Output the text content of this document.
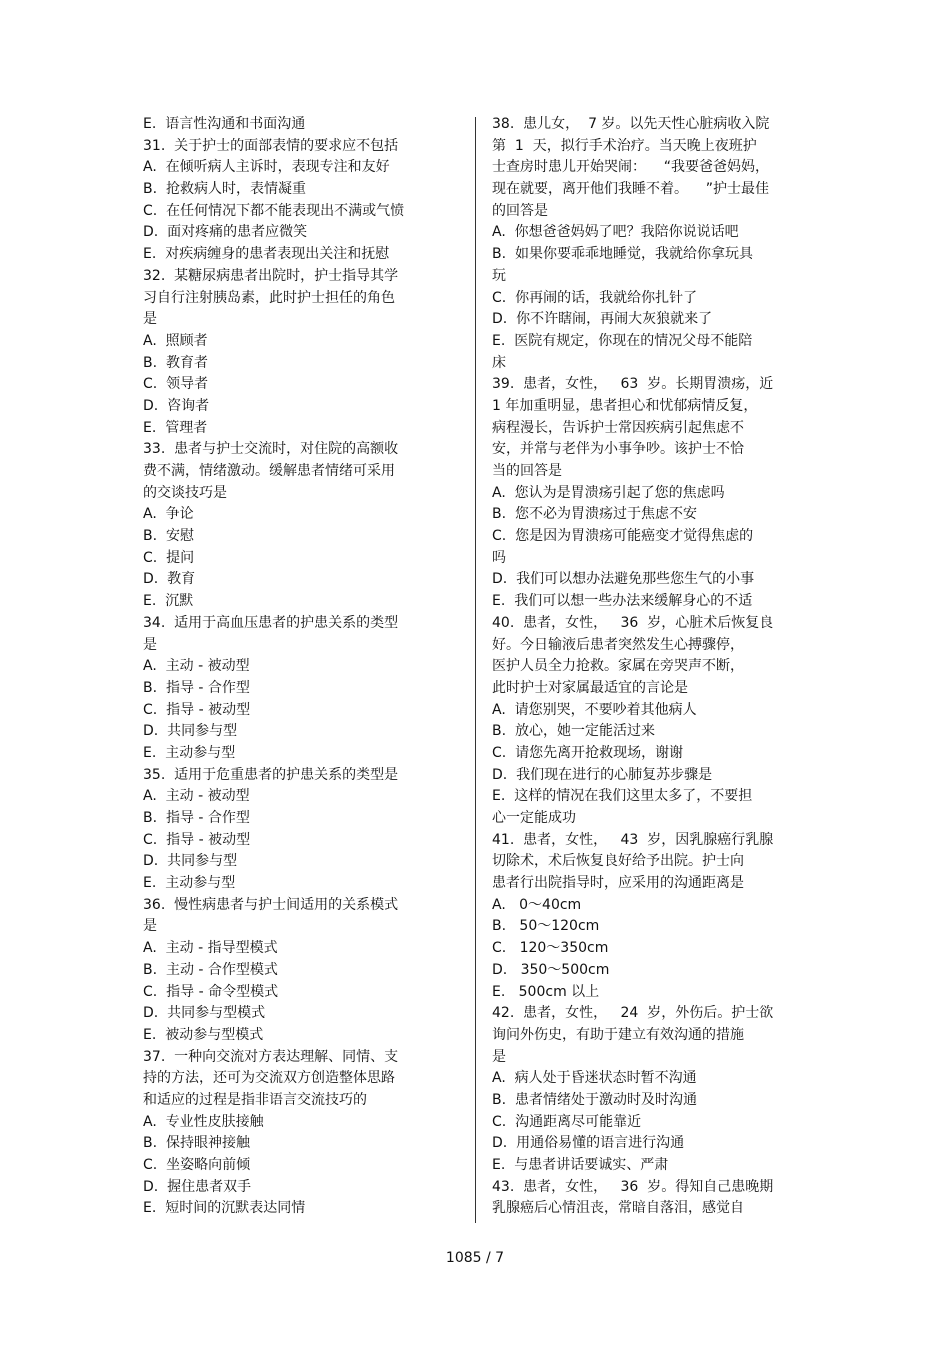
E.  语言性沟通和书面沟通
31.  关于护士的面部表情的要求应不包括
A.  在倾听病人主诉时，表现专注和友好
B.  抢救病人时，表情凝重
C.  在任何情况下都不能表现出不满或气愤
D.  面对疼痛的患者应微笑
E.  对疾病缠身的患者表现出关注和抚慰
32.  某糖尿病患者出院时，护士指导其学
习自行注射胰岛素，此时护士担任的角色
是
A.  照顾者
B.  教育者
C.  领导者
D.  咨询者
E.  管理者
33.  患者与护士交流时，对住院的高额收
费不满，情绪激动。缓解患者情绪可采用
的交谈技巧是
A.  争论
B.  安慰
C.  提问
D.  教育
E.  沉默
34.  适用于高血压患者的护患关系的类型
是
A.  主动 - 被动型
B.  指导 - 合作型
C.  指导 - 被动型
D.  共同参与型
E.  主动参与型
35.  适用于危重患者的护患关系的类型是
A.  主动 - 被动型
B.  指导 - 合作型
C.  指导 - 被动型
D.  共同参与型
E.  主动参与型
36.  慢性病患者与护士间适用的关系模式
是
A.  主动 - 指导型模式
B.  主动 - 合作型模式
C.  指导 - 命令型模式
D.  共同参与型模式
E.  被动参与型模式
37.  一种向交流对方表达理解、同情、支
持的方法，还可为交流双方创造整体思路
和适应的过程是指非语言交流技巧的
A.  专业性皮肤接触
B.  保持眼神接触
C.  坐姿略向前倾
D.  握住患者双手
E.  短时间的沉默表达同情
38.  患儿女，  7 岁。以先天性心脏病收入院
第  1  天，拟行手术治疗。当天晚上夜班护
士查房时患儿开始哭闹：    “我要爸爸妈妈，
现在就要，离开他们我睡不着。    ”护士最佳
的回答是
A.  你想爸爸妈妈了吧？我陪你说说话吧
B.  如果你要乖乖地睡觉，我就给你拿玩具
玩
C.  你再闹的话，我就给你扎针了
D.  你不许瞎闹，再闹大灰狼就来了
E.  医院有规定，你现在的情况父母不能陪
床
39.  患者，女性，   63  岁。长期胃溃疡，近
1 年加重明显，患者担心和忧郁病情反复，
病程漫长，告诉护士常因疾病引起焦虑不
安，并常与老伴为小事争吵。该护士不恰
当的回答是
A.  您认为是胃溃疡引起了您的焦虑吗
B.  您不必为胃溃疡过于焦虑不安
C.  您是因为胃溃疡可能癌变才觉得焦虑的
吗
D.  我们可以想办法避免那些您生气的小事
E.  我们可以想一些办法来缓解身心的不适
40.  患者，女性，   36  岁，心脏术后恢复良
好。今日输液后患者突然发生心搏骤停，
医护人员全力抢救。家属在旁哭声不断，
此时护士对家属最适宜的言论是
A.  请您别哭，不要吵着其他病人
B.  放心，她一定能活过来
C.  请您先离开抢救现场，谢谢
D.  我们现在进行的心肺复苏步骤是
E.  这样的情况在我们这里太多了，不要担
心一定能成功
41.  患者，女性，   43  岁，因乳腺癌行乳腺
切除术，术后恢复良好给予出院。护士向
患者行出院指导时，应采用的沟通距离是
A.   0～40cm
B.   50～120cm
C.   120～350cm
D.   350～500cm
E.   500cm 以上
42.  患者，女性，   24  岁，外伤后。护士欲
询问外伤史，有助于建立有效沟通的措施
是
A.  病人处于昏迷状态时暂不沟通
B.  患者情绪处于激动时及时沟通
C.  沟通距离尽可能靠近
D.  用通俗易懂的语言进行沟通
E.  与患者讲话要诚实、严肃
43.  患者，女性，   36  岁。得知自己患晚期
乳腺癌后心情沮丧，常暗自落泪，感觉自
1085 / 7
